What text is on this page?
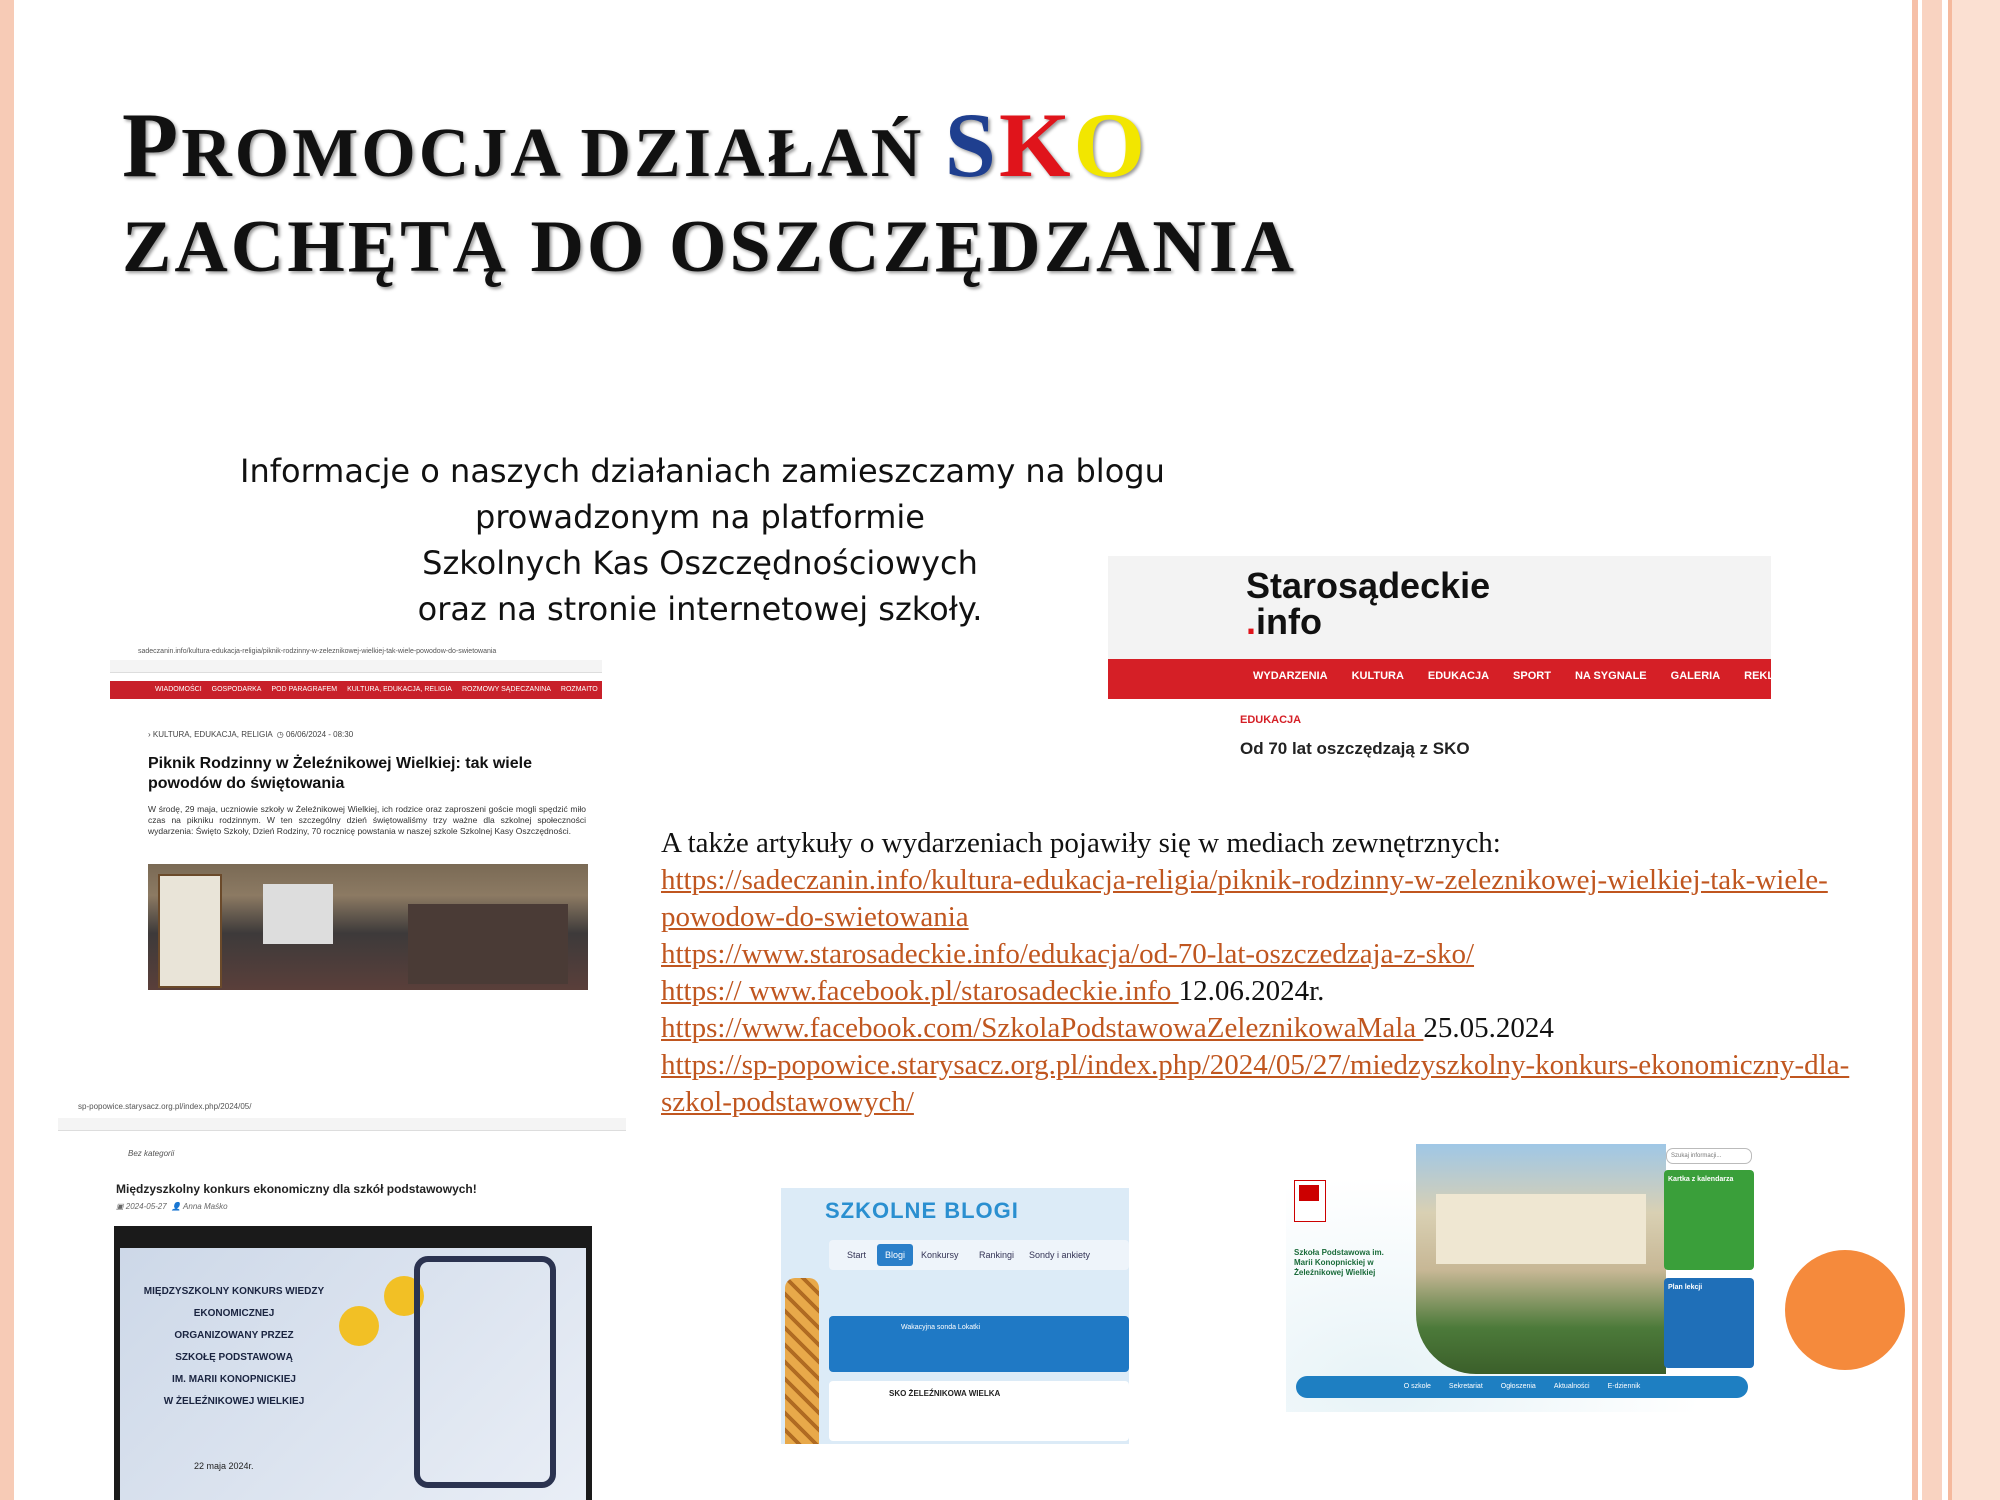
PROMOCJA DZIAŁAŃ SKO
ZACHĘTĄ DO OSZCZĘDZANIA
Informacje o naszych działaniach zamieszczamy na blogu
prowadzonym na platformie
Szkolnych Kas Oszczędnościowych
oraz na stronie internetowej szkoły.
Starosądeckie
.info
WYDARZENIA KULTURA EDUKACJA SPORT NA SYGNALE GALERIA REKLAMA KONT
EDUKACJA
Od 70 lat oszczędzają z SKO
sadeczanin.info/kultura-edukacja-religia/piknik-rodzinny-w-zeleznikowej-wielkiej-tak-wiele-powodow-do-swietowania
WIADOMOŚCI GOSPODARKA POD PARAGRAFEM KULTURA, EDUKACJA, RELIGIA ROZMOWY SĄDECZANINA ROZMAITO
› KULTURA, EDUKACJA, RELIGIA  ◷ 06/06/2024 - 08:30
Piknik Rodzinny w Żeleźnikowej Wielkiej: tak wiele powodów do świętowania
W środę, 29 maja, uczniowie szkoły w Żeleźnikowej Wielkiej, ich rodzice oraz zaproszeni goście mogli spędzić miło czas na pikniku rodzinnym. W ten szczególny dzień świętowaliśmy trzy ważne dla szkolnej społeczności wydarzenia: Święto Szkoły, Dzień Rodziny, 70 rocznicę powstania w naszej szkole Szkolnej Kasy Oszczędności.	A także artykuły o wydarzeniach pojawiły się w mediach zewnętrznych:
https://sadeczanin.info/kultura-edukacja-religia/piknik-rodzinny-w-zeleznikowej-wielkiej-tak-wiele-powodow-do-swietowania
https://www.starosadeckie.info/edukacja/od-70-lat-oszczedzaja-z-sko/
https:// www.facebook.pl/starosadeckie.info 12.06.2024r.
https://www.facebook.com/SzkolaPodstawowaZeleznikowaMala 25.05.2024
https://sp-popowice.starysacz.org.pl/index.php/2024/05/27/miedzyszkolny-konkurs-ekonomiczny-dla-szkol-podstawowych/
sp-popowice.starysacz.org.pl/index.php/2024/05/
Bez kategorii
Międzyszkolny konkurs ekonomiczny dla szkół podstawowych!
▣ 2024-05-27  👤 Anna Maśko
MIĘDZYSZKOLNY KONKURS WIEDZY
EKONOMICZNEJ
ORGANIZOWANY PRZEZ
SZKOŁĘ PODSTAWOWĄ
IM. MARII KONOPNICKIEJ
W ŻELEŹNIKOWEJ WIELKIEJ
22 maja 2024r.
SZKOLNE BLOGI
Start	Blogi	Konkursy Rankingi Sondy i ankiety
Wakacyjna sonda Lokatki
SKO ŻELEŹNIKOWA WIELKA
Szkoła Podstawowa im. Marii Konopnickiej w Żeleźnikowej Wielkiej
Szukaj informacji...
Kartka z kalendarza
Plan lekcji
O szkole	Sekretariat	Ogłoszenia	Aktualności	E-dziennik
